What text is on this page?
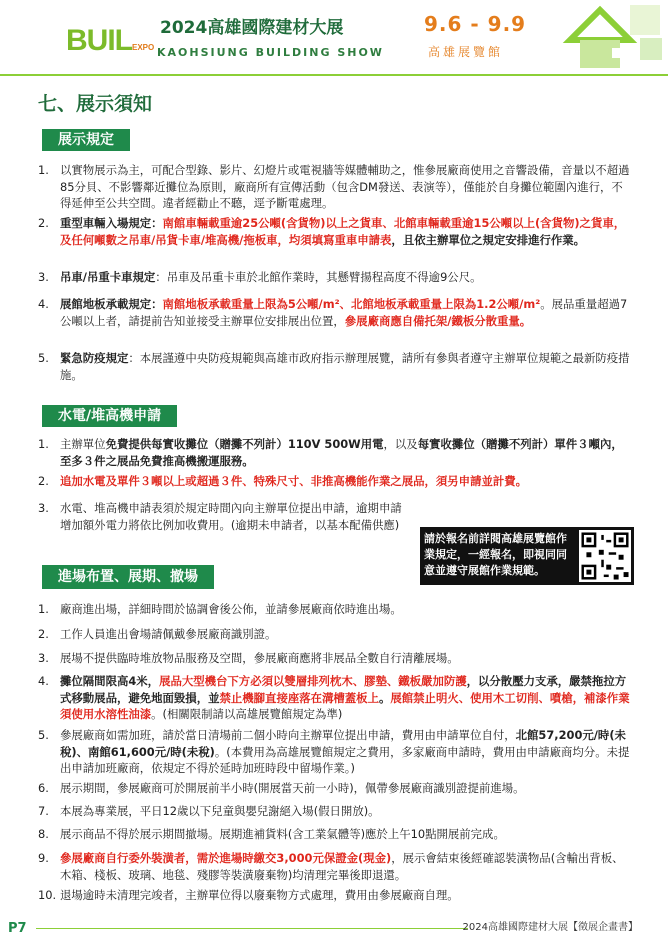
BUILEXPO
2024高雄國際建材大展
KAOHSIUNG BUILDING SHOW
9.6 - 9.9
高雄展覽館
七、展示須知
展示規定
1. 以實物展示為主，可配合型錄、影片、幻燈片或電視牆等媒體輔助之，惟參展廠商使用之音響設備，音量以不超過85分貝、不影響鄰近攤位為原則，廠商所有宣傳活動（包含DM發送、表演等），僅能於自身攤位範圍內進行，不得延伸至公共空間。違者經勸止不聽，逕予斷電處理。
2. 重型車輛入場規定：南館車輛載重逾25公噸(含貨物)以上之貨車、北館車輛載重逾15公噸以上(含貨物)之貨車，及任何噸數之吊車/吊貨卡車/堆高機/拖板車，均須填寫重車申請表，且依主辦單位之規定安排進行作業。
3. 吊車/吊重卡車規定：吊車及吊重卡車於北館作業時，其懸臂揚程高度不得逾9公尺。
4. 展館地板承載規定：南館地板承載重量上限為5公噸/m²、北館地板承載重量上限為1.2公噸/m²。展品重量超過7公噸以上者，請提前告知並接受主辦單位安排展出位置，參展廠商應自備托架/鐵板分散重量。
5. 緊急防疫規定：本展謹遵中央防疫規範與高雄市政府指示辦理展覽，請所有參與者遵守主辦單位規範之最新防疫措施。
水電/堆高機申請
1. 主辦單位免費提供每實收攤位（贈攤不列計）110V 500W用電，以及每實收攤位（贈攤不列計）單件３噸內，至多３件之展品免費推高機搬運服務。
2. 追加水電及單件３噸以上或超過３件、特殊尺寸、非推高機能作業之展品，須另申請並計費。
3. 水電、堆高機申請表須於規定時間內向主辦單位提出申請，逾期申請增加額外電力將依比例加收費用。(逾期未申請者，以基本配備供應)
請於報名前詳閱高雄展覽館作業規定，一經報名，即視同同意並遵守展館作業規範。
進場布置、展期、撤場
1. 廠商進出場，詳細時間於協調會後公佈，並請參展廠商依時進出場。
2. 工作人員進出會場請佩戴參展廠商識別證。
3. 展場不提供臨時堆放物品服務及空間，參展廠商應將非展品全數自行清離展場。
4. 攤位隔間限高4米，展品大型機台下方必須以雙層排列枕木、膠墊、鐵板嚴加防護，以分散壓力支承，嚴禁拖拉方式移動展品，避免地面毀損，並禁止機腳直接座落在溝槽蓋板上。展館禁止明火、使用木工切削、噴槍，補漆作業須使用水溶性油漆。(相關限制請以高雄展覽館規定為準)
5. 參展廠商如需加班，請於當日清場前二個小時向主辦單位提出申請，費用由申請單位自付，北館57,200元/時(未稅)、南館61,600元/時(未稅)。(本費用為高雄展覽館規定之費用，多家廠商申請時，費用由申請廠商均分。未提出申請加班廠商，依規定不得於延時加班時段中留場作業。)
6. 展示期間，參展廠商可於開展前半小時(開展當天前一小時)，佩帶參展廠商識別證提前進場。
7. 本展為專業展，平日12歲以下兒童與嬰兒謝絕入場(假日開放)。
8. 展示商品不得於展示期間撤場。展期進補貨料(含工業氣體等)應於上午10點開展前完成。
9. 參展廠商自行委外裝潢者，需於進場時繳交3,000元保證金(現金)，展示會結束後經確認裝潢物品(含輸出背板、木箱、棧板、玻璃、地毯、殘膠等裝潢廢棄物)均清理完畢後即退還。
10. 退場逾時未清理完竣者，主辦單位得以廢棄物方式處理，費用由參展廠商自理。
P7	2024高雄國際建材大展【徵展企畫書】
